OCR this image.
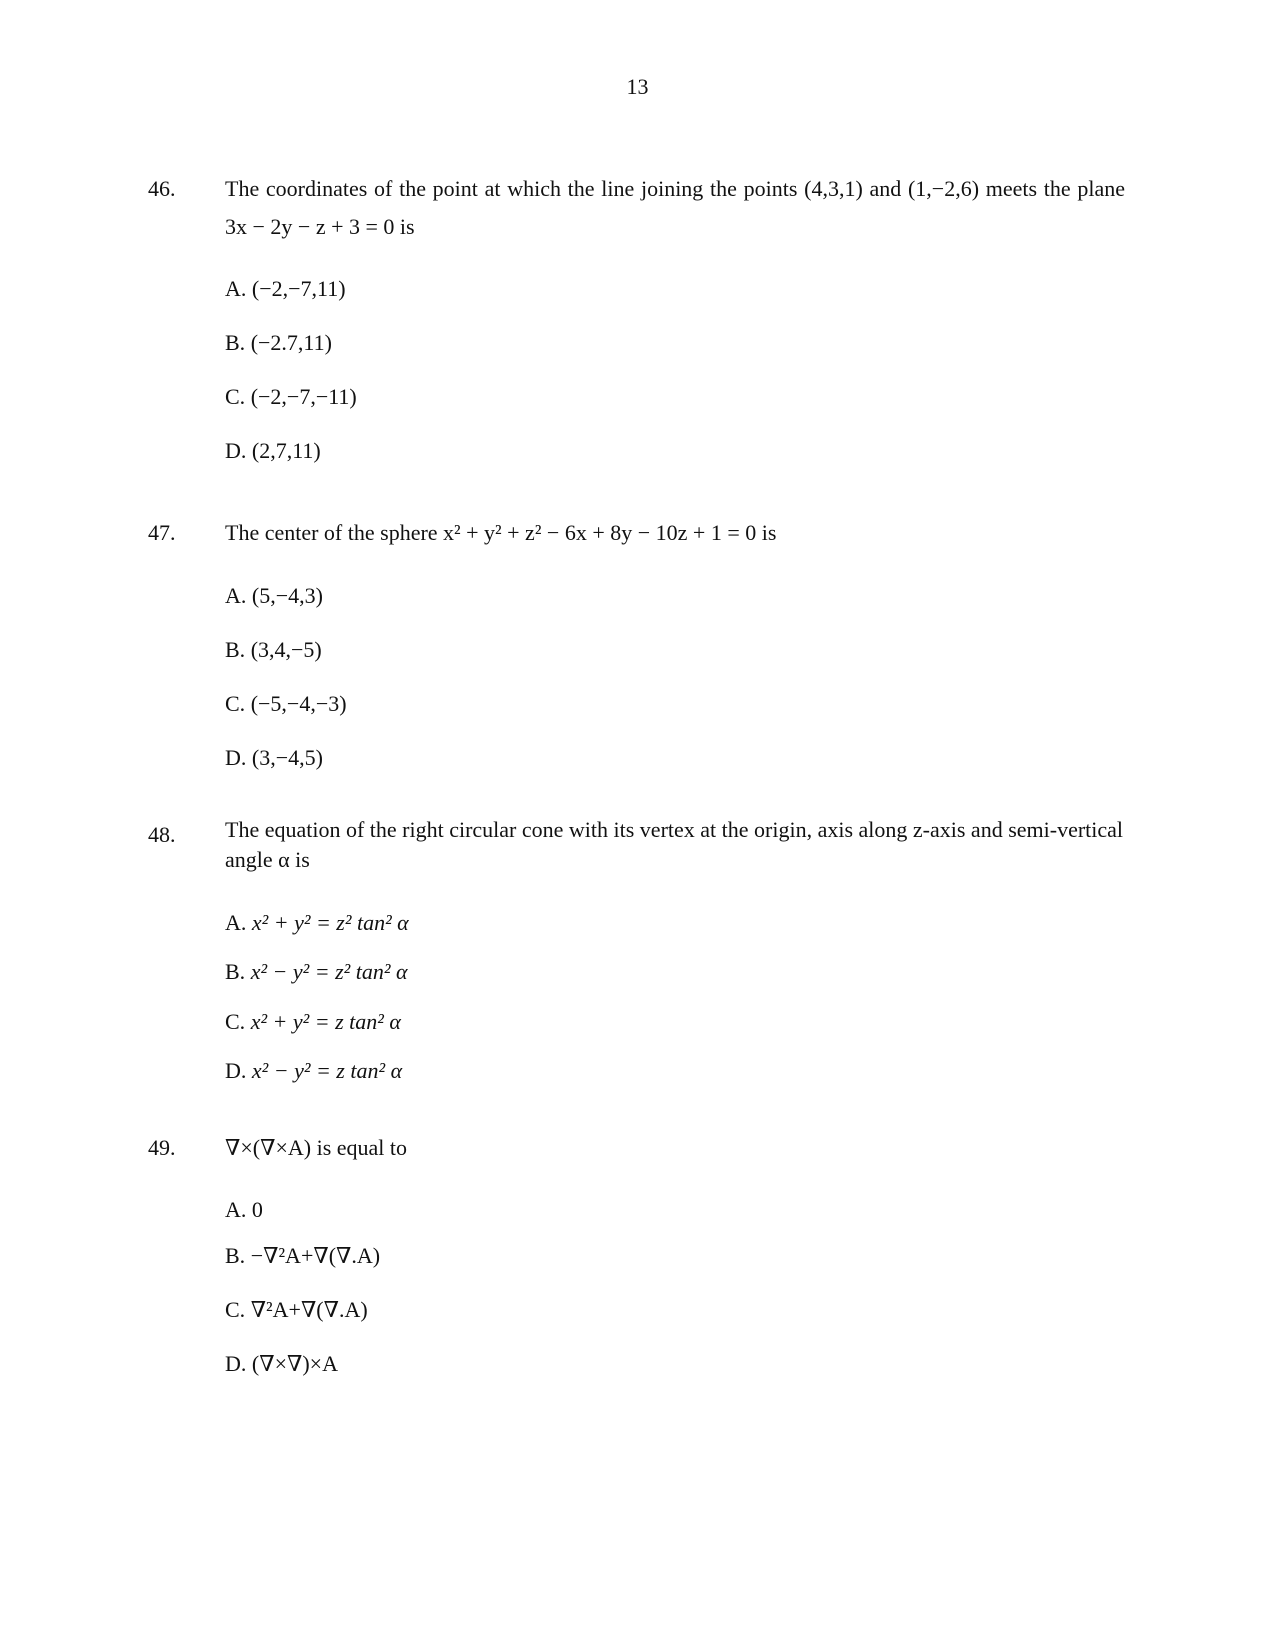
13
46. The coordinates of the point at which the line joining the points (4,3,1) and (1,−2,6) meets the plane 3x − 2y − z + 3 = 0 is
A. (−2,−7,11)
B. (−2.7,11)
C. (−2,−7,−11)
D. (2,7,11)
47. The center of the sphere x² + y² + z² − 6x + 8y − 10z + 1 = 0 is
A. (5,−4,3)
B. (3,4,−5)
C. (−5,−4,−3)
D. (3,−4,5)
48. The equation of the right circular cone with its vertex at the origin, axis along z-axis and semi-vertical angle α is
A. x² + y² = z² tan² α
B. x² − y² = z² tan² α
C. x² + y² = z tan² α
D. x² − y² = z tan² α
49. ∇×(∇×A) is equal to
A. 0
B. −∇²A+∇(∇.A)
C. ∇²A+∇(∇.A)
D. (∇×∇)×A
